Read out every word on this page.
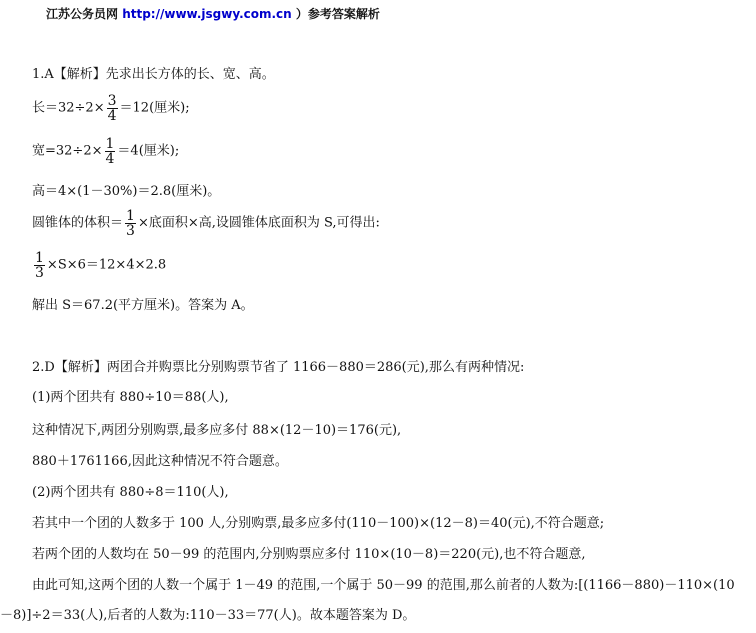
江苏公务员网 http://www.jsgwy.com.cn ）参考答案解析
1.A【解析】先求出长方体的长、宽、高。
长$=32\div 2\times \frac{3}{4} =12$(厘米);
宽$=32\div 2\times \frac{1}{4} =4$(厘米);
高＝4×(1－30%)＝2.8(厘米)。
圆锥体的体积＝ $\frac{1}{3}$ ×底面积×高,设圆锥体底面积为 S,可得出:
$\frac{1}{3} \times S\times 6=12\times 4\times 2.8$
解出 S＝67.2(平方厘米)。答案为 A。
2.D【解析】两团合并购票比分别购票节省了 1166－880＝286(元),那么有两种情况:
(1)两个团共有 880÷10＝88(人),
这种情况下,两团分别购票,最多应多付 88×(12－10)＝176(元),
880＋1761166,因此这种情况不符合题意。
(2)两个团共有 880÷8＝110(人),
若其中一个团的人数多于 100 人,分别购票,最多应多付(110－100)×(12－8)＝40(元),不符合题意;
若两个团的人数均在 50－99 的范围内,分别购票应多付 110×(10－8)＝220(元),也不符合题意,
由此可知,这两个团的人数一个属于 1－49 的范围,一个属于 50－99 的范围,那么前者的人数为:[(1166－880)－110×(10
－8)]÷2＝33(人),后者的人数为:110－33＝77(人)。故本题答案为 D。
